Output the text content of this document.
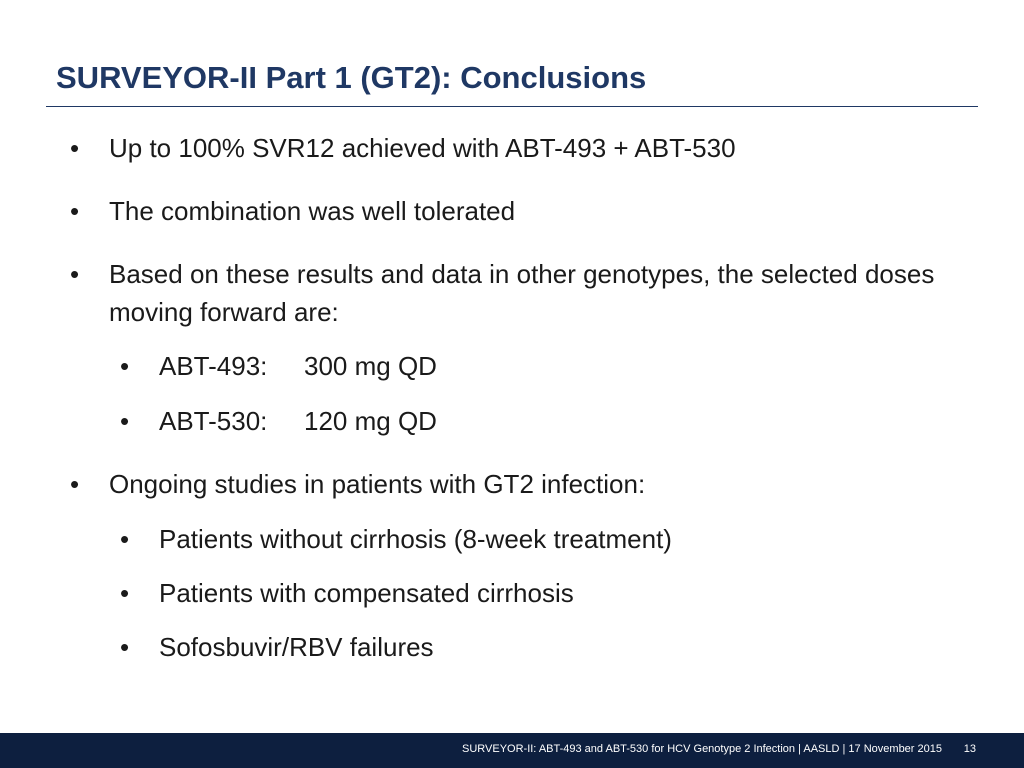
SURVEYOR-II Part 1 (GT2): Conclusions
•	Up to 100% SVR12 achieved with ABT-493 + ABT-530
•	The combination was well tolerated
•	Based on these results and data in other genotypes, the selected doses moving forward are:
•	ABT-493: 300 mg QD
•	ABT-530: 120 mg QD
•	Ongoing studies in patients with GT2 infection:
•	Patients without cirrhosis (8-week treatment)
•	Patients with compensated cirrhosis
•	Sofosbuvir/RBV failures
SURVEYOR-II: ABT-493 and ABT-530 for HCV Genotype 2 Infection | AASLD | 17 November 2015 13
